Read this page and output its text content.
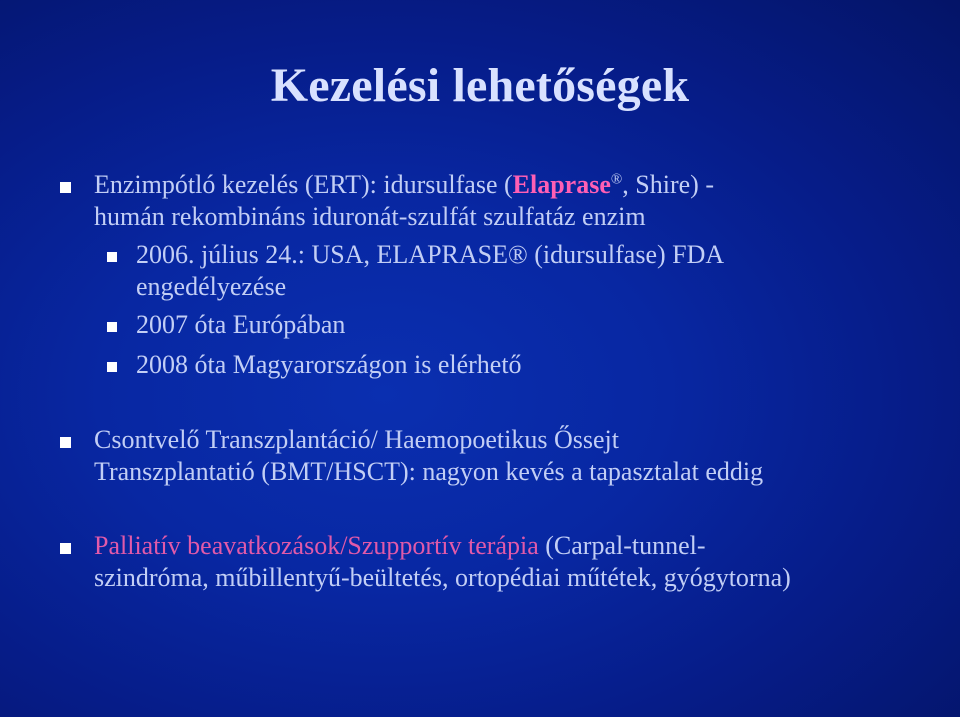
Kezelési lehetőségek
Enzimpótló kezelés (ERT): idursulfase (Elaprase®, Shire) -
humán rekombináns iduronát-szulfát szulfatáz enzim
2006. július 24.: USA, ELAPRASE® (idursulfase) FDA
engedélyezése
2007 óta Európában
2008 óta Magyarországon is elérhető
Csontvelő Transzplantáció/ Haemopoetikus Őssejt
Transzplantatió (BMT/HSCT): nagyon kevés a tapasztalat eddig
Palliatív beavatkozások/Szupportív terápia (Carpal-tunnel-
szindróma, műbillentyű-beültetés, ortopédiai műtétek, gyógytorna)
